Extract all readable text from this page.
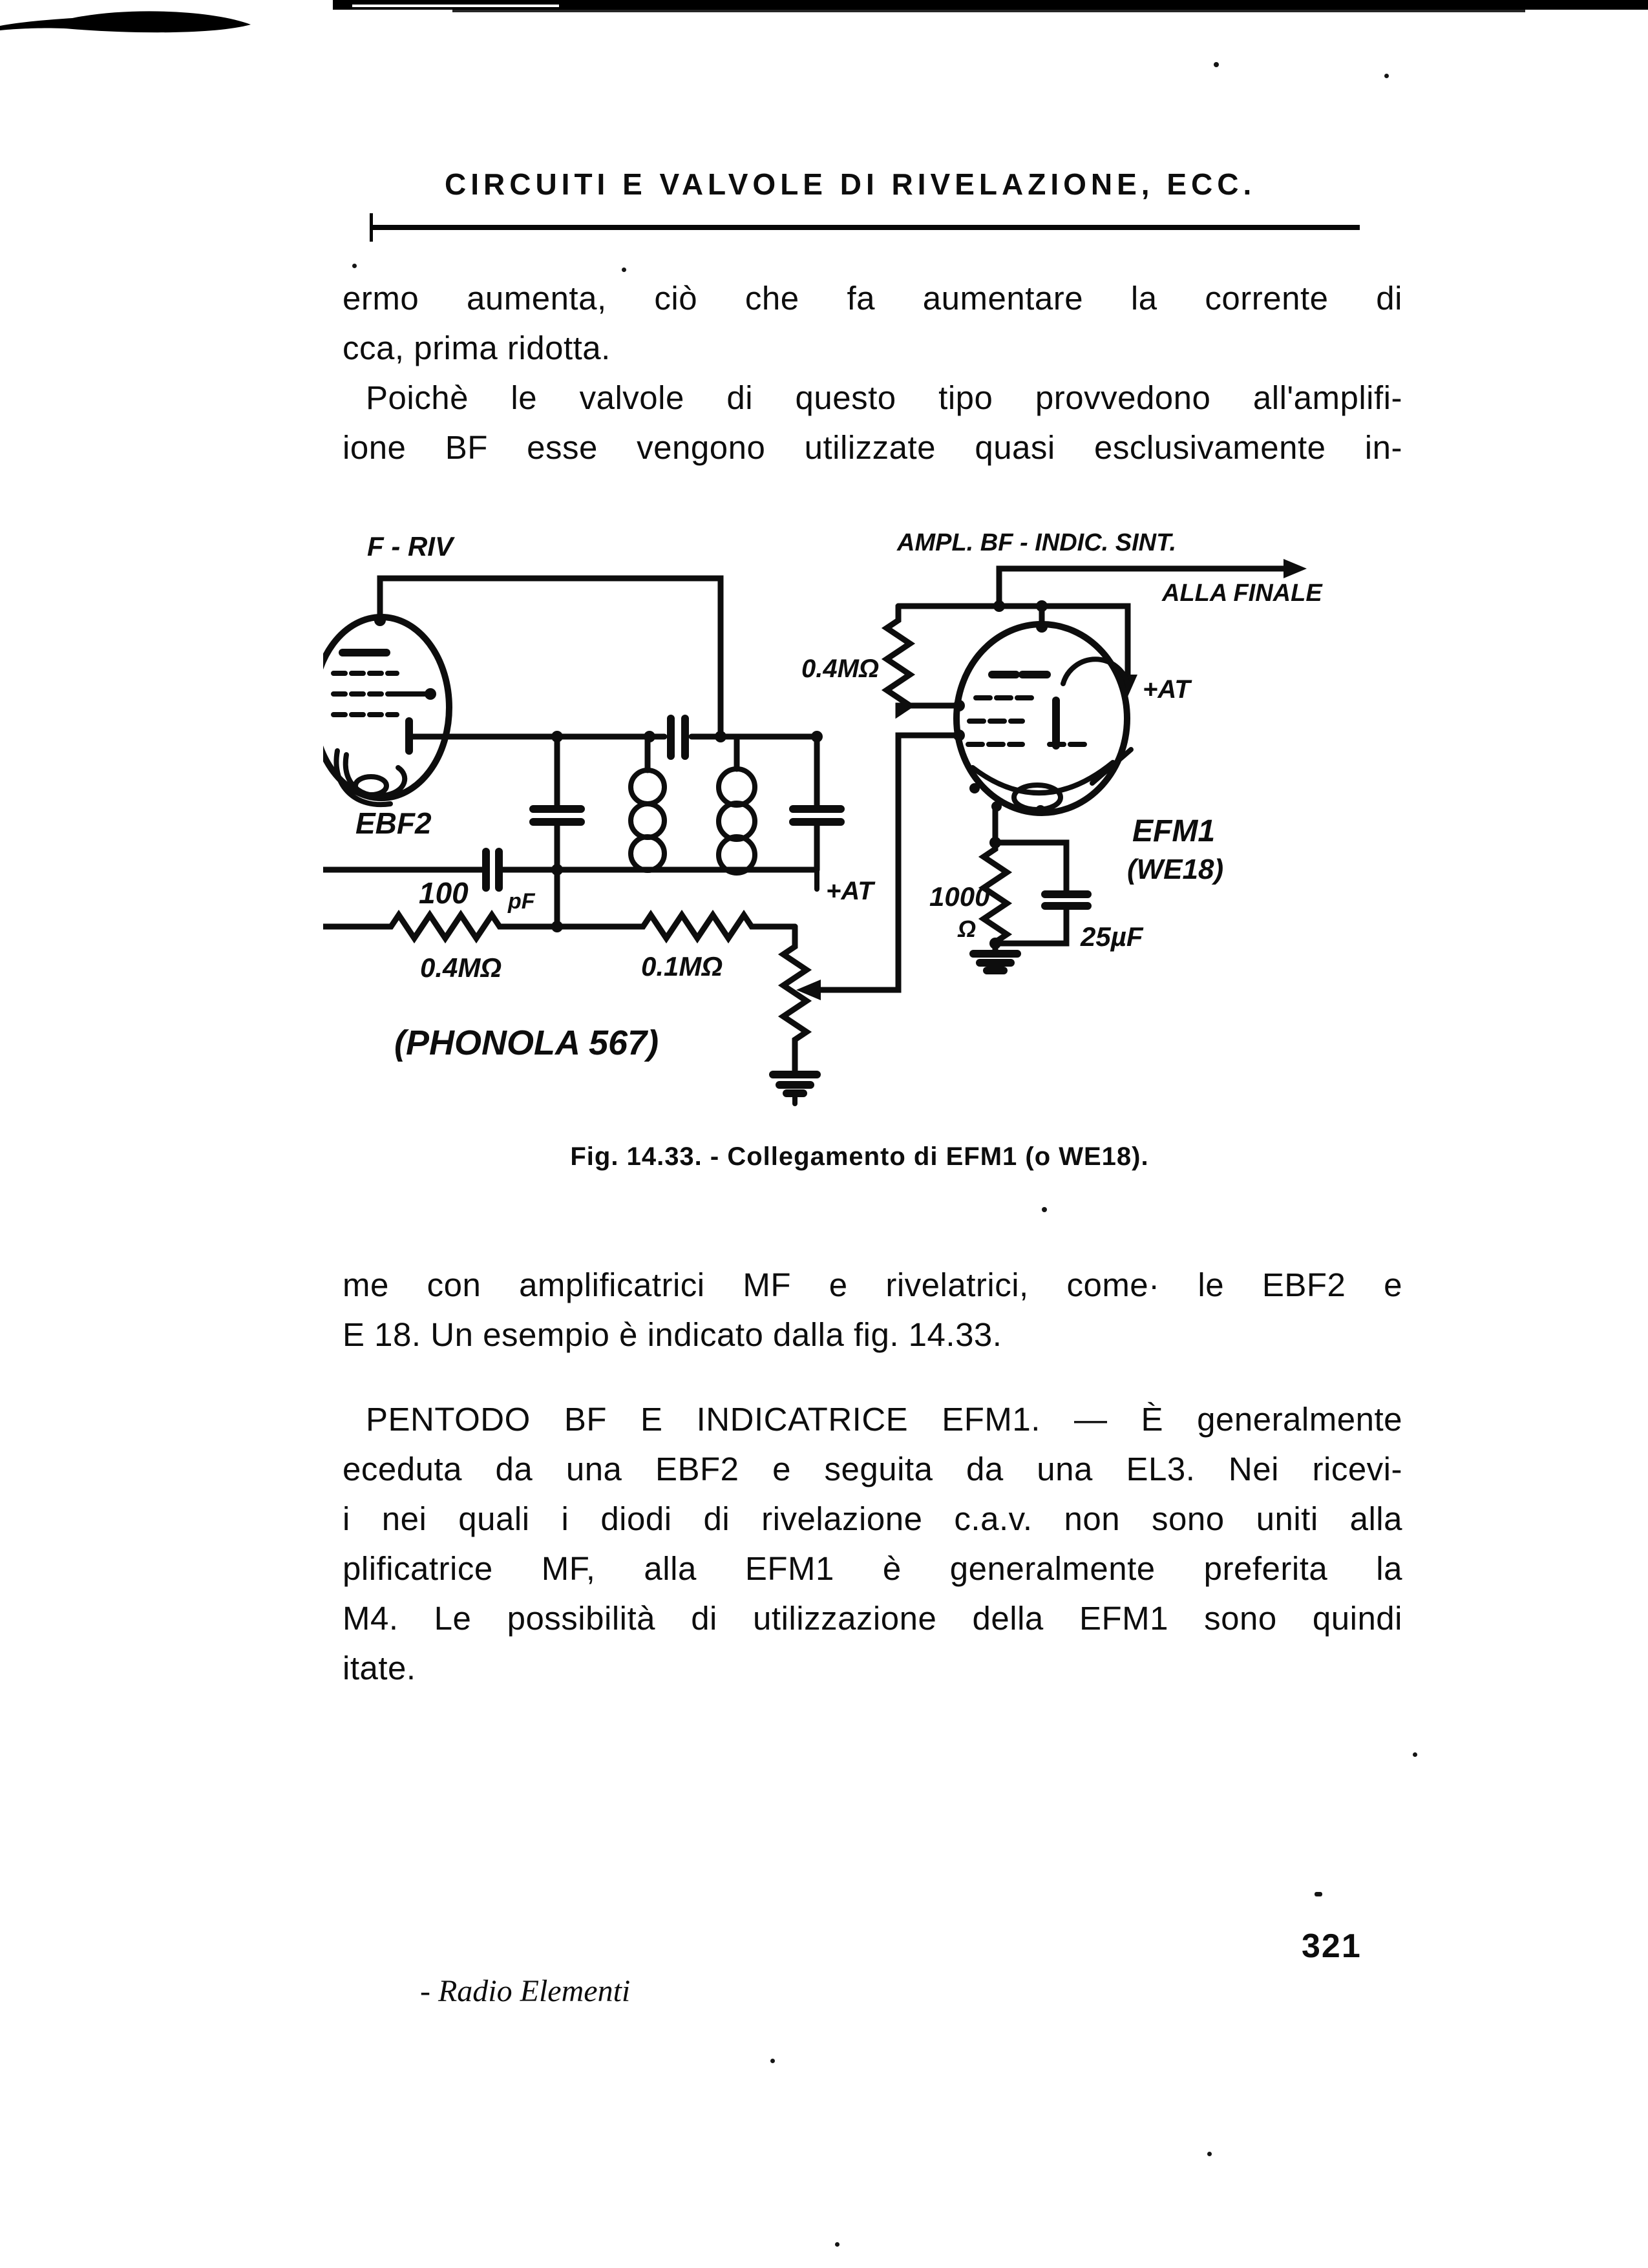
CIRCUITI E VALVOLE DI RIVELAZIONE, ECC.
ermo aumenta, ciò che fa aumentare la corrente di
cca, prima ridotta.
Poichè le valvole di questo tipo provvedono all'amplifi-
ione BF esse vengono utilizzate quasi esclusivamente in-
F - RIV	AMPL. BF - INDIC. SINT.
ALLA FINALE
EBF2
100 pF	+AT
0.4MΩ	0.1MΩ
(PHONOLA 567)
0.4MΩ
+AT
EFM1
(WE18)
1000
Ω	25µF
Fig. 14.33. - Collegamento di EFM1 (o WE18).
me con amplificatrici MF e rivelatrici, come· le EBF2 e
E 18. Un esempio è indicato dalla fig. 14.33.
PENTODO BF E INDICATRICE EFM1. — È generalmente
eceduta da una EBF2 e seguita da una EL3. Nei ricevi-
i nei quali i diodi di rivelazione c.a.v. non sono uniti alla
plificatrice MF, alla EFM1 è generalmente preferita la
M4. Le possibilità di utilizzazione della EFM1 sono quindi
itate.
321
- Radio Elementi
